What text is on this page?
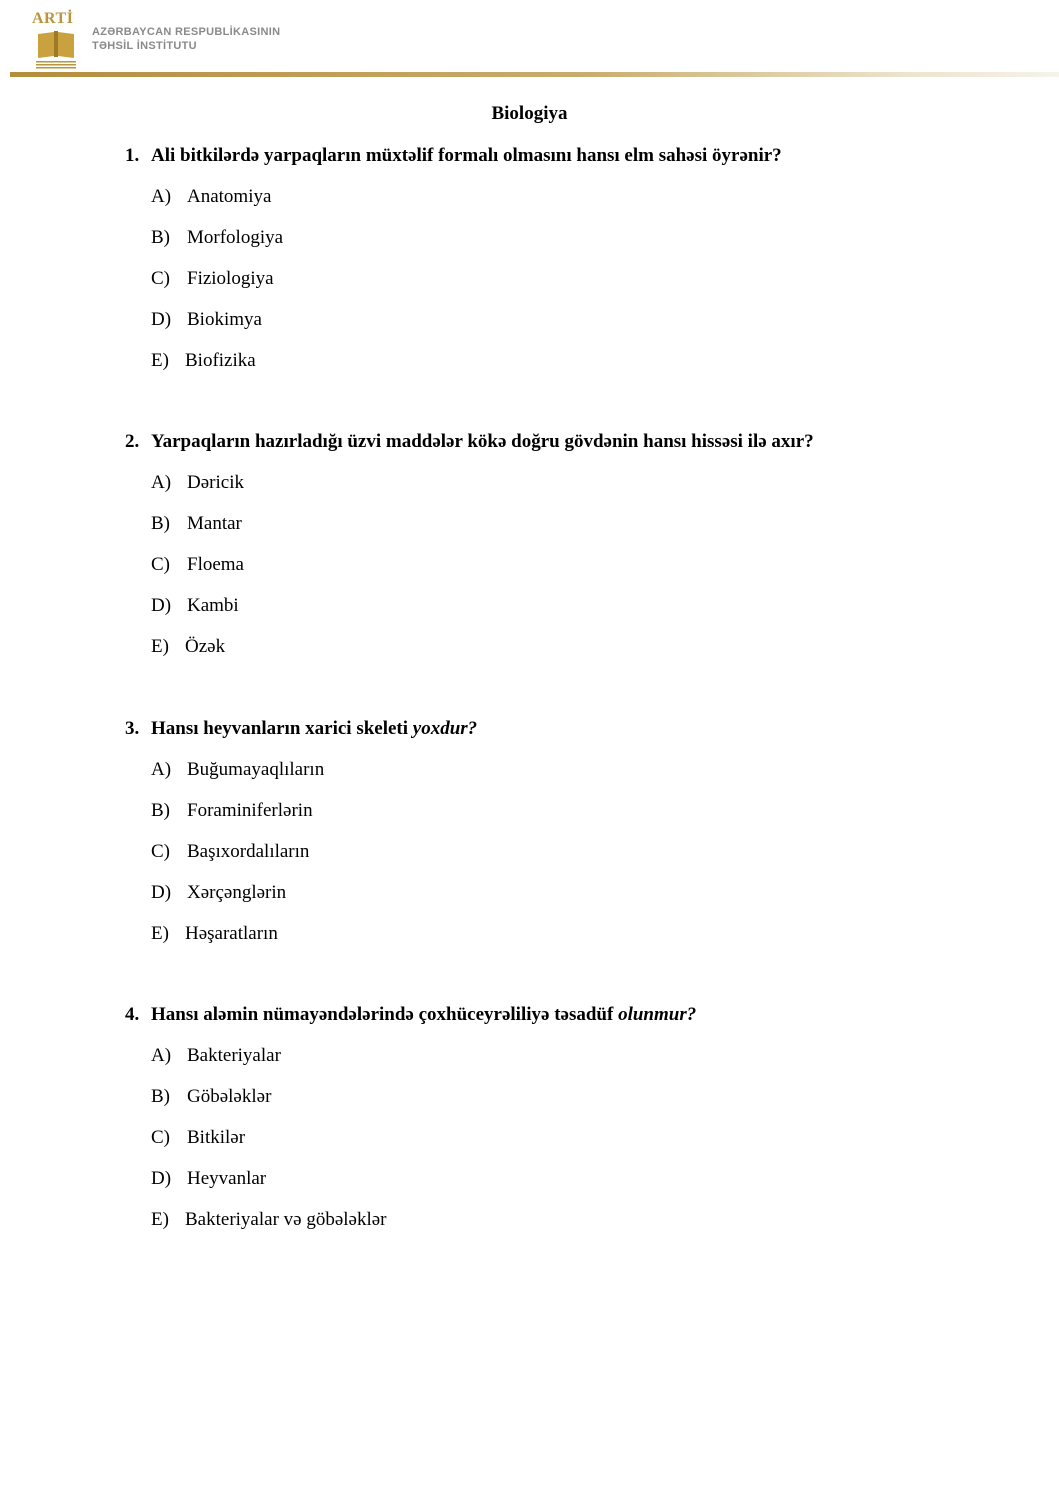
ARTİ
AZƏRBAYCAN RESPUBLİKASININ
TƏHSİL İNSTİTUTU
Biologiya
1. Ali bitkilərdə yarpaqların müxtəlif formalı olmasını hansı elm sahəsi öyrənir?
A) Anatomiya
B) Morfologiya
C) Fiziologiya
D) Biokimya
E) Biofizika
2. Yarpaqların hazırladığı üzvi maddələr kökə doğru gövdənin hansı hissəsi ilə axır?
A) Dəricik
B) Mantar
C) Floema
D) Kambi
E) Özək
3. Hansı heyvanların xarici skeleti yoxdur?
A) Buğumayaqlıların
B) Foraminiferlərin
C) Başıxordalıların
D) Xərçənglərin
E) Həşaratların
4. Hansı aləmin nümayəndələrində çoxhüceyrəliliyə təsadüf olunmur?
A) Bakteriyalar
B) Göbələklər
C) Bitkilər
D) Heyvanlar
E) Bakteriyalar və göbələklər
